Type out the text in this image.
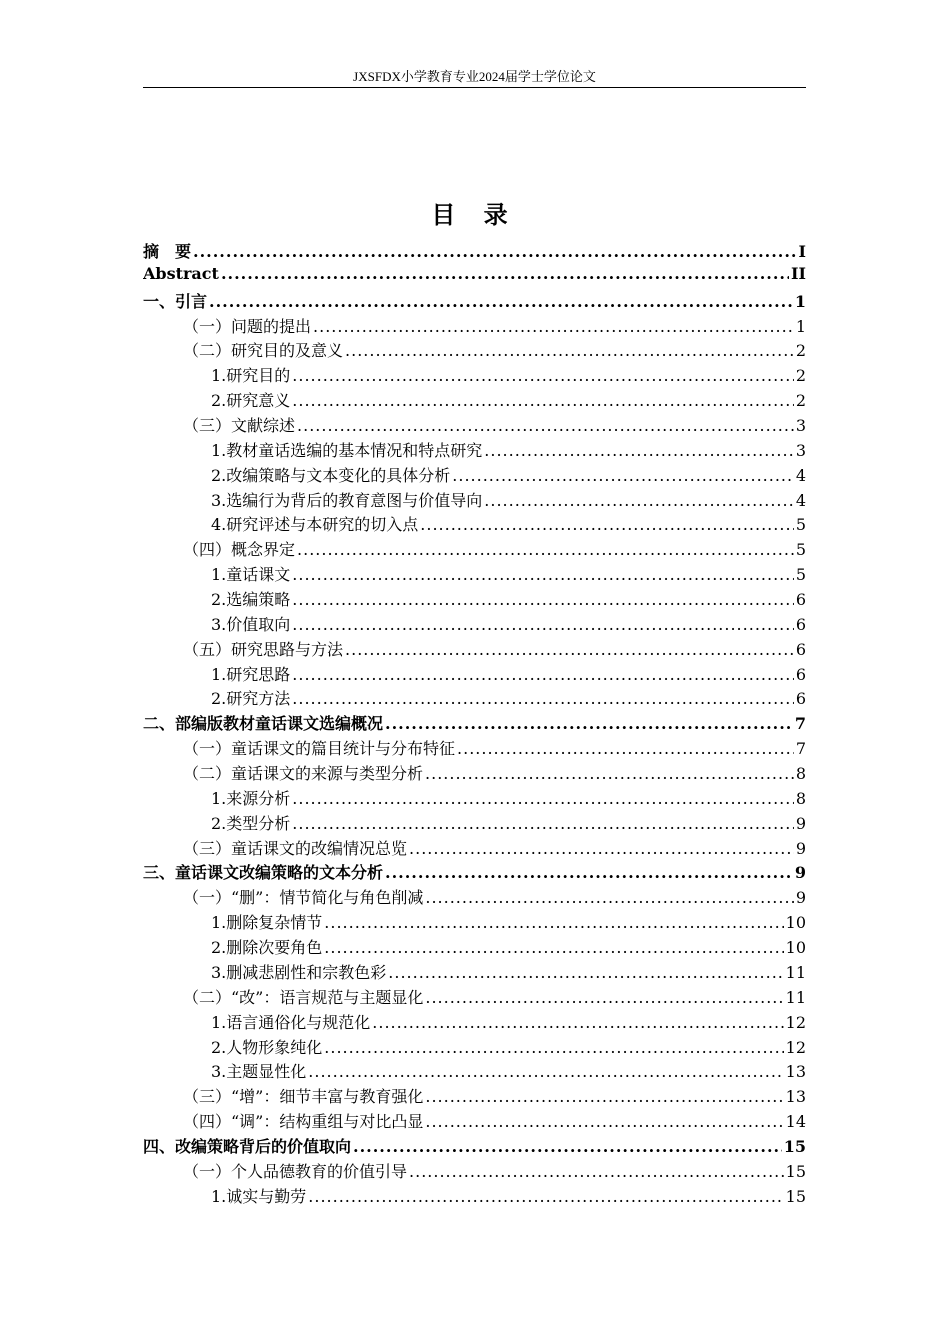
JXSFDX小学教育专业2024届学士学位论文
目 录
摘　要 .....	I
Abstract .....	II
一、引言 .....	1
（一）问题的提出 .....	1
（二）研究目的及意义 .....	2
1.研究目的 .....	2
2.研究意义 .....	2
（三）文献综述 .....	3
1.教材童话选编的基本情况和特点研究 .....	3
2.改编策略与文本变化的具体分析 .....	4
3.选编行为背后的教育意图与价值导向 .....	4
4.研究评述与本研究的切入点 .....	5
（四）概念界定 .....	5
1.童话课文 .....	5
2.选编策略 .....	6
3.价值取向 .....	6
（五）研究思路与方法 .....	6
1.研究思路 .....	6
2.研究方法 .....	6
二、部编版教材童话课文选编概况 .....	7
（一）童话课文的篇目统计与分布特征 .....	7
（二）童话课文的来源与类型分析 .....	8
1.来源分析 .....	8
2.类型分析 .....	9
（三）童话课文的改编情况总览 .....	9
三、童话课文改编策略的文本分析 .....	9
（一）“删”：情节简化与角色削减 .....	9
1.删除复杂情节 .....	10
2.删除次要角色 .....	10
3.删减悲剧性和宗教色彩 .....	11
（二）“改”：语言规范与主题显化 .....	11
1.语言通俗化与规范化 .....	12
2.人物形象纯化 .....	12
3.主题显性化 .....	13
（三）“增”：细节丰富与教育强化 .....	13
（四）“调”：结构重组与对比凸显 .....	14
四、改编策略背后的价值取向 .....	15
（一）个人品德教育的价值引导 .....	15
1.诚实与勤劳 .....	15
